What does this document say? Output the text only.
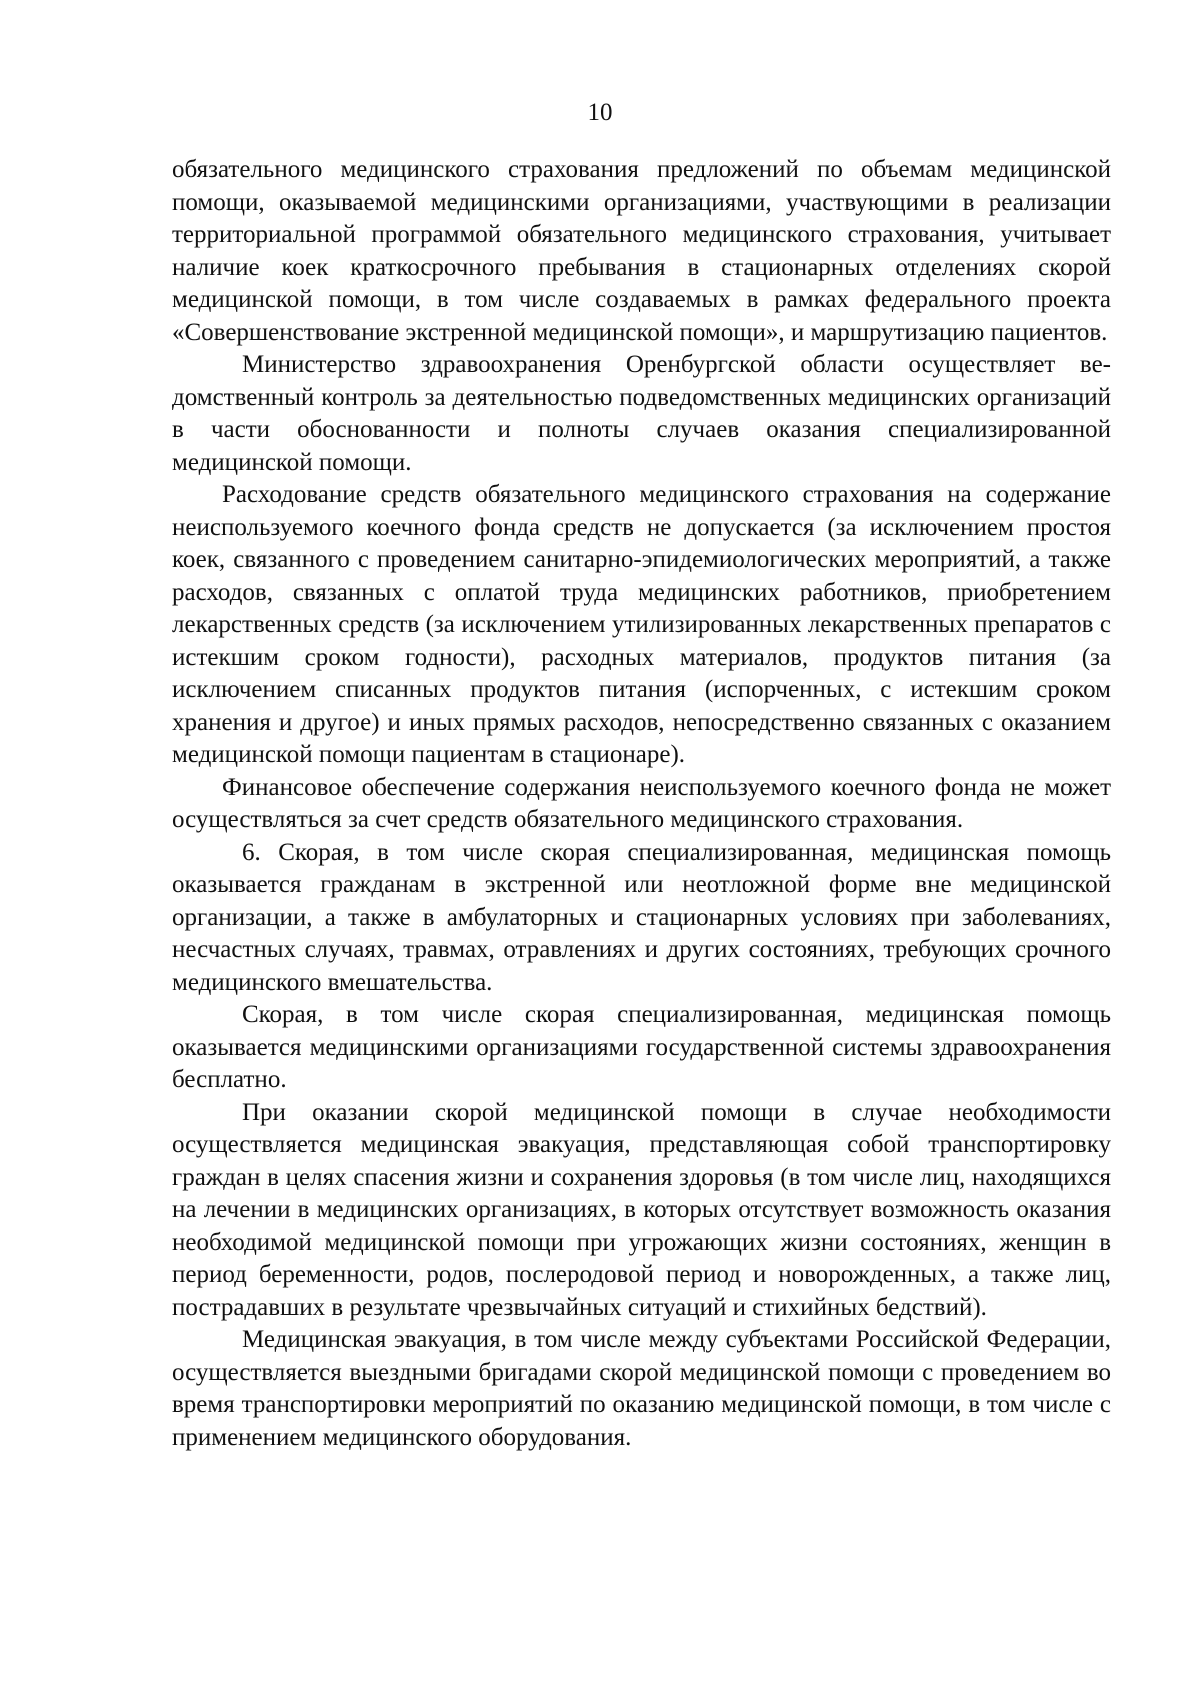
10

обязательного медицинского страхования предложений по объемам медицинской помощи, оказываемой медицинскими организациями, участвующими в реализации территориальной программой обязательного медицинского страхования, учитывает наличие коек краткосрочного пребывания в стационарных отделениях скорой медицинской помощи, в том числе создаваемых в рамках федерального проекта «Совершенствование экстренной медицинской помощи», и маршрутизацию пациентов.

Министерство здравоохранения Оренбургской области осуществляет ведомственный контроль за деятельностью подведомственных медицинских организаций в части обоснованности и полноты случаев оказания специализированной медицинской помощи.

Расходование средств обязательного медицинского страхования на содержание неиспользуемого коечного фонда средств не допускается (за исключением простоя коек, связанного с проведением санитарно-эпидемиологических мероприятий, а также расходов, связанных с оплатой труда медицинских работников, приобретением лекарственных средств (за исключением утилизированных лекарственных препаратов с истекшим сроком годности), расходных материалов, продуктов питания (за исключением списанных продуктов питания (испорченных, с истекшим сроком хранения и другое) и иных прямых расходов, непосредственно связанных с оказанием медицинской помощи пациентам в стационаре).

Финансовое обеспечение содержания неиспользуемого коечного фонда не может осуществляться за счет средств обязательного медицинского страхования.

6. Скорая, в том числе скорая специализированная, медицинская помощь оказывается гражданам в экстренной или неотложной форме вне медицинской организации, а также в амбулаторных и стационарных условиях при заболеваниях, несчастных случаях, травмах, отравлениях и других состояниях, требующих срочного медицинского вмешательства.

Скорая, в том числе скорая специализированная, медицинская помощь оказывается медицинскими организациями государственной системы здравоохранения бесплатно.

При оказании скорой медицинской помощи в случае необходимости осуществляется медицинская эвакуация, представляющая собой транспортировку граждан в целях спасения жизни и сохранения здоровья (в том числе лиц, находящихся на лечении в медицинских организациях, в которых отсутствует возможность оказания необходимой медицинской помощи при угрожающих жизни состояниях, женщин в период беременности, родов, послеродовой период и новорожденных, а также лиц, пострадавших в результате чрезвычайных ситуаций и стихийных бедствий).

Медицинская эвакуация, в том числе между субъектами Российской Федерации, осуществляется выездными бригадами скорой медицинской помощи с проведением во время транспортировки мероприятий по оказанию медицинской помощи, в том числе с применением медицинского оборудования.
